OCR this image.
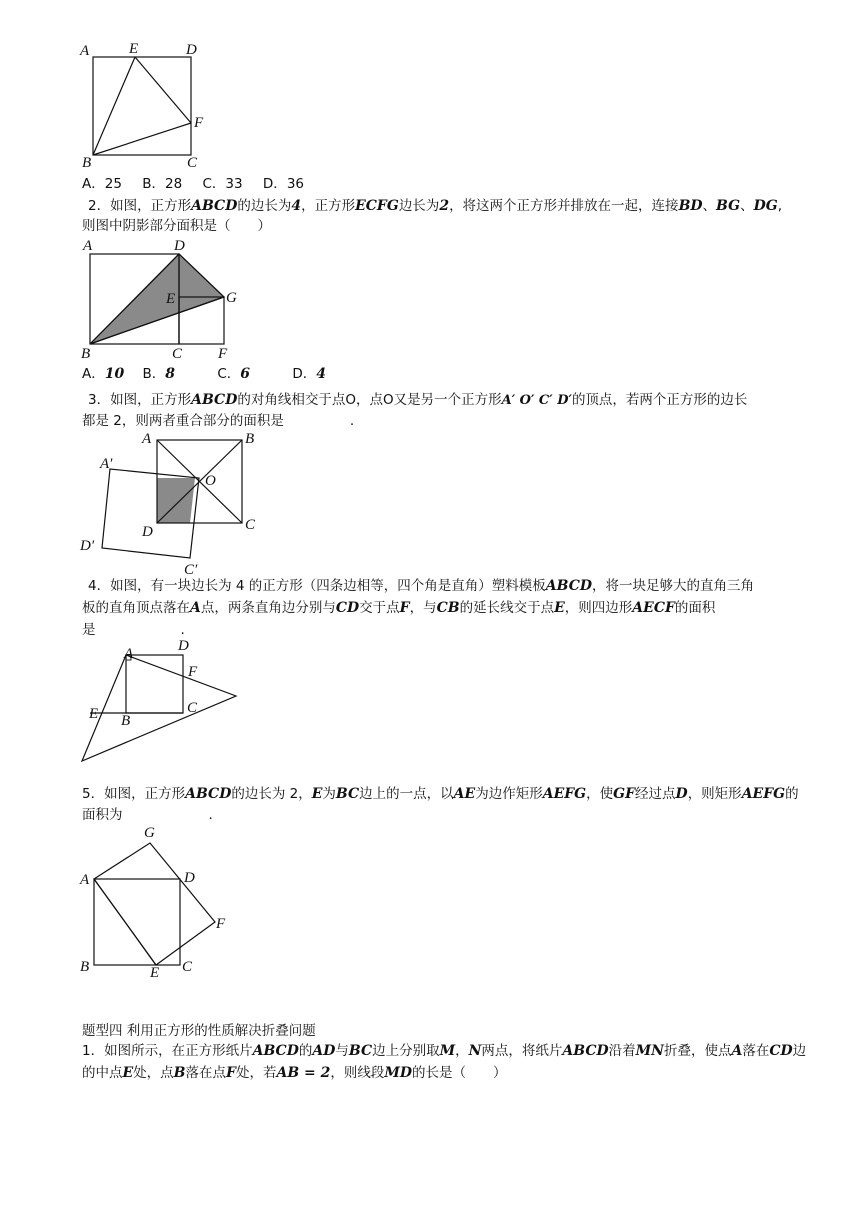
A	E	D
F
B	C
A．25 B．28 C．33 D．36
2．如图，正方形ABCD的边长为4，正方形ECFG边长为2，将这两个正方形并排放在一起，连接BD、BG、DG,
则图中阴影部分面积是（　　）
A	D
E	G
B	C F
A．10 B．8	C．6	D．4
3．如图，正方形ABCD的对角线相交于点O，点O又是另一个正方形A′ O′ C′ D′的顶点，若两个正方形的边长
都是 2，则两者重合部分的面积是	.
A	B
O
C
D
A′
D′
C′
4．如图，有一块边长为 4 的正方形（四条边相等，四个角是直角）塑料模板ABCD，将一块足够大的直角三角
板的直角顶点落在A点，两条直角边分别与CD交于点F，与CB的延长线交于点E，则四边形AECF的面积
是	.
A	D
F
E B
C
5．如图，正方形ABCD的边长为 2，E为BC边上的一点，以AE为边作矩形AEFG，使GF经过点D，则矩形AEFG的
面积为	.
G
A	D
F
B	E C
题型四 利用正方形的性质解决折叠问题
1．如图所示，在正方形纸片ABCD的AD与BC边上分别取M，N两点，将纸片ABCD沿着MN折叠，使点A落在CD边
的中点E处，点B落在点F处，若AB = 2，则线段MD的长是（　　）
